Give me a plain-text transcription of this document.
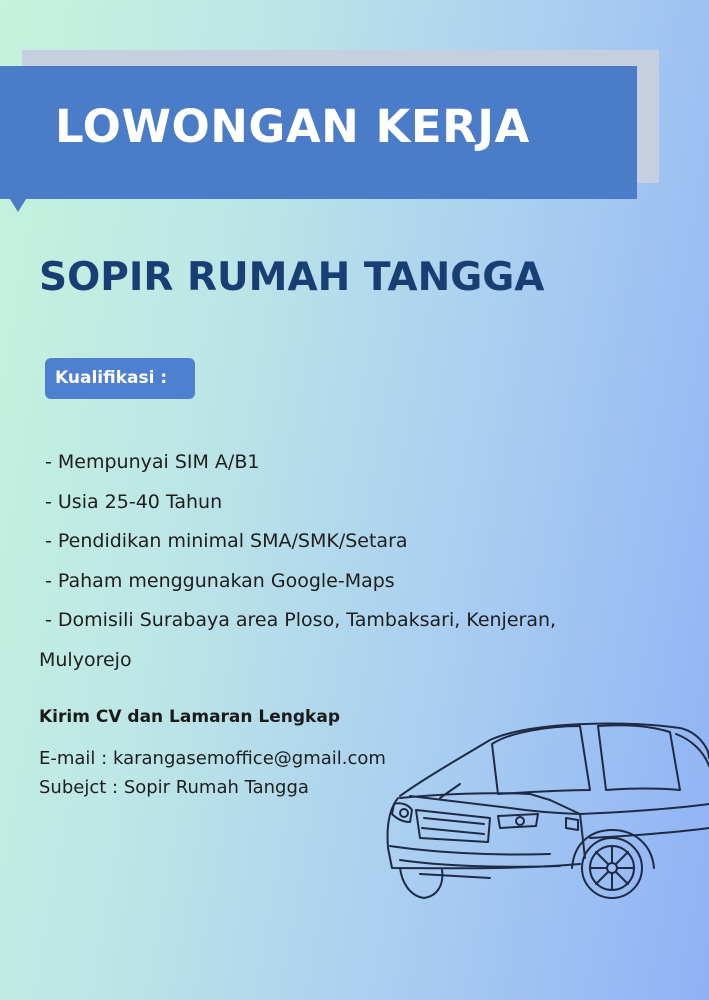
LOWONGAN KERJA
SOPIR RUMAH TANGGA
Kualifikasi :
- Mempunyai SIM A/B1
- Usia 25-40 Tahun
- Pendidikan minimal SMA/SMK/Setara
- Paham menggunakan Google-Maps
- Domisili Surabaya area Ploso, Tambaksari, Kenjeran,
Mulyorejo

Kirim CV dan Lamaran Lengkap

E-mail : karangasemoffice@gmail.com
Subejct : Sopir Rumah Tangga
